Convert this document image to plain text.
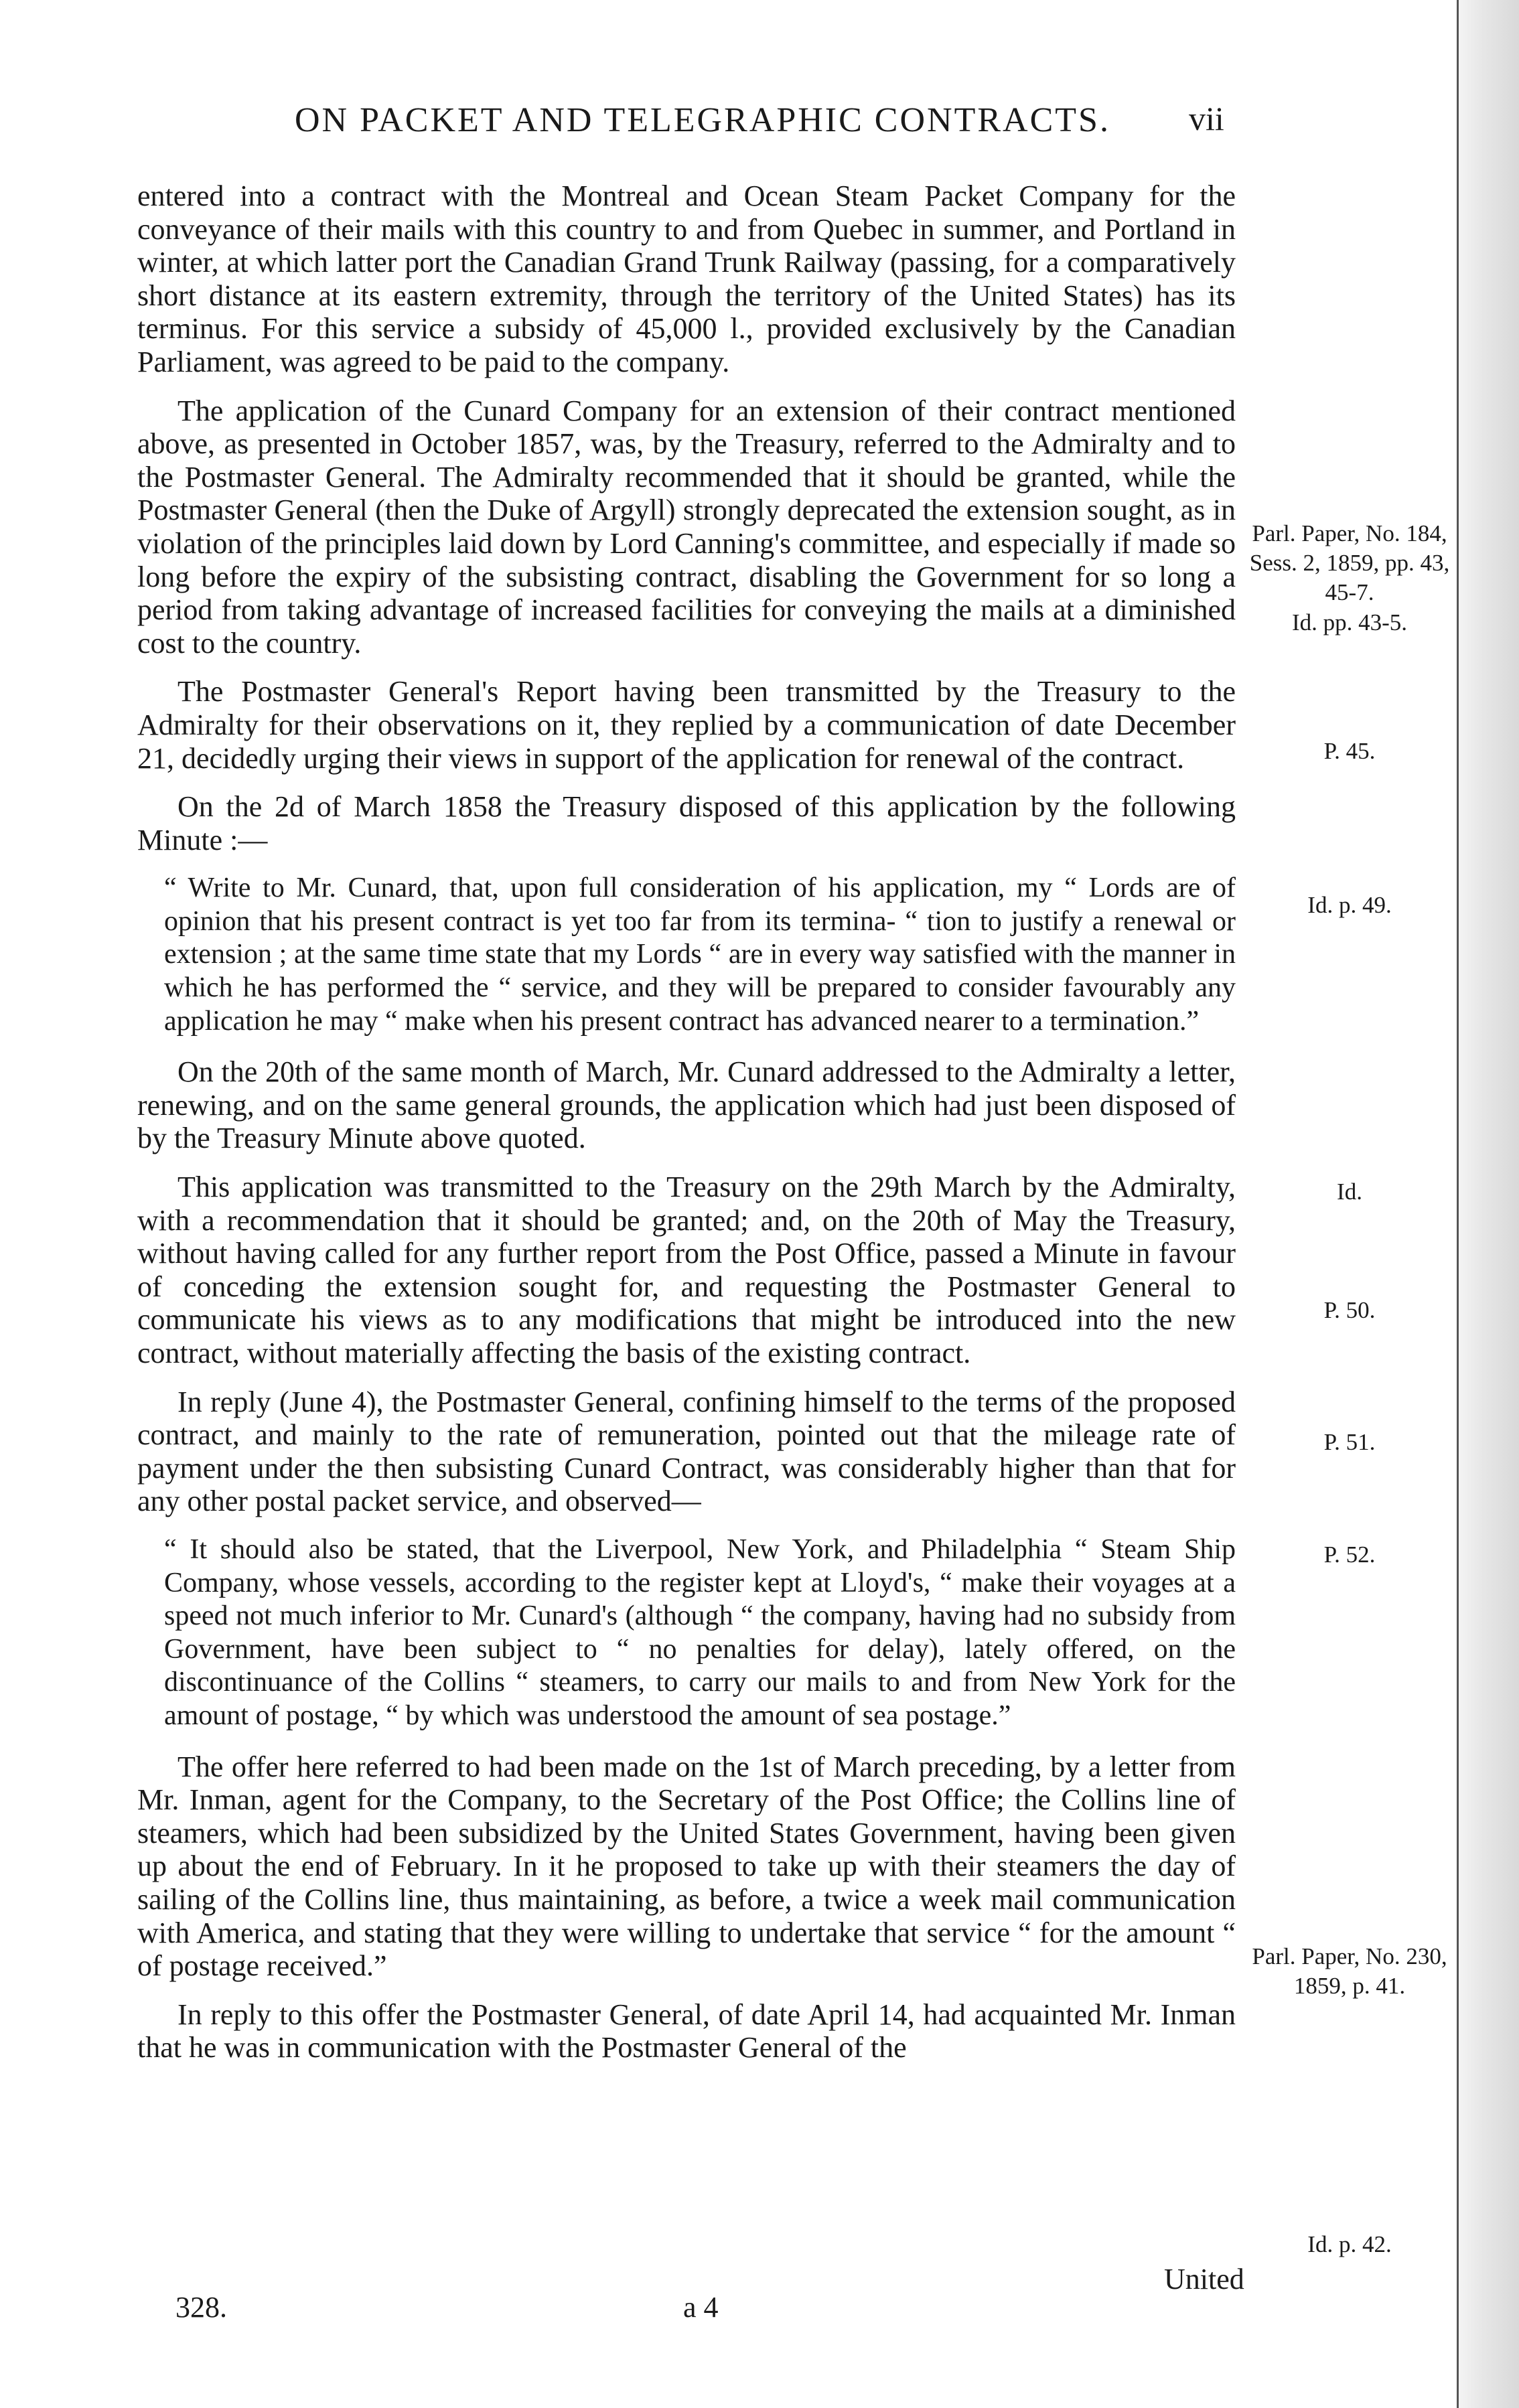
ON PACKET AND TELEGRAPHIC CONTRACTS.	vii

entered into a contract with the Montreal and Ocean Steam Packet Company for the conveyance of their mails with this country to and from Quebec in summer, and Portland in winter, at which latter port the Canadian Grand Trunk Railway (passing, for a comparatively short distance at its eastern extremity, through the territory of the United States) has its terminus. For this service a subsidy of 45,000 l., provided exclusively by the Canadian Parliament, was agreed to be paid to the company.

The application of the Cunard Company for an extension of their contract mentioned above, as presented in October 1857, was, by the Treasury, referred to the Admiralty and to the Postmaster General. The Admiralty recommended that it should be granted, while the Postmaster General (then the Duke of Argyll) strongly deprecated the extension sought, as in violation of the principles laid down by Lord Canning's committee, and especially if made so long before the expiry of the subsisting contract, disabling the Government for so long a period from taking advantage of increased facilities for conveying the mails at a diminished cost to the country.

The Postmaster General's Report having been transmitted by the Treasury to the Admiralty for their observations on it, they replied by a communication of date December 21, decidedly urging their views in support of the application for renewal of the contract.

On the 2d of March 1858 the Treasury disposed of this application by the following Minute :—

“ Write to Mr. Cunard, that, upon full consideration of his application, my “ Lords are of opinion that his present contract is yet too far from its termina- “ tion to justify a renewal or extension ; at the same time state that my Lords “ are in every way satisfied with the manner in which he has performed the “ service, and they will be prepared to consider favourably any application he may “ make when his present contract has advanced nearer to a termination.”

On the 20th of the same month of March, Mr. Cunard addressed to the Admiralty a letter, renewing, and on the same general grounds, the application which had just been disposed of by the Treasury Minute above quoted.

This application was transmitted to the Treasury on the 29th March by the Admiralty, with a recommendation that it should be granted; and, on the 20th of May the Treasury, without having called for any further report from the Post Office, passed a Minute in favour of conceding the extension sought for, and requesting the Postmaster General to communicate his views as to any modifications that might be introduced into the new contract, without materially affecting the basis of the existing contract.

In reply (June 4), the Postmaster General, confining himself to the terms of the proposed contract, and mainly to the rate of remuneration, pointed out that the mileage rate of payment under the then subsisting Cunard Contract, was considerably higher than that for any other postal packet service, and observed—

“ It should also be stated, that the Liverpool, New York, and Philadelphia “ Steam Ship Company, whose vessels, according to the register kept at Lloyd's, “ make their voyages at a speed not much inferior to Mr. Cunard's (although “ the company, having had no subsidy from Government, have been subject to “ no penalties for delay), lately offered, on the discontinuance of the Collins “ steamers, to carry our mails to and from New York for the amount of postage, “ by which was understood the amount of sea postage.”

The offer here referred to had been made on the 1st of March preceding, by a letter from Mr. Inman, agent for the Company, to the Secretary of the Post Office; the Collins line of steamers, which had been subsidized by the United States Government, having been given up about the end of February. In it he proposed to take up with their steamers the day of sailing of the Collins line, thus maintaining, as before, a twice a week mail communication with America, and stating that they were willing to undertake that service “ for the amount “ of postage received.”

In reply to this offer the Postmaster General, of date April 14, had acquainted Mr. Inman that he was in communication with the Postmaster General of the

Parl. Paper, No. 184, Sess. 2, 1859, pp. 43, 45-7.
Id. pp. 43-5.
P. 45.
Id. p. 49.
Id.
P. 50.
P. 51.
P. 52.
Parl. Paper, No. 230, 1859, p. 41.
Id. p. 42.
United
328.	a 4
